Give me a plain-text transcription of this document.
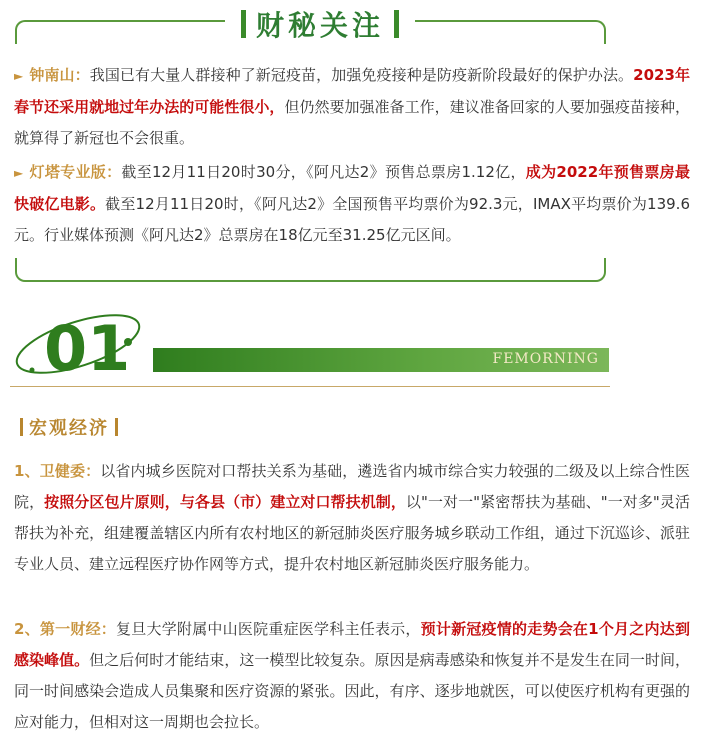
财秘关注

► 钟南山：我国已有大量人群接种了新冠疫苗，加强免疫接种是防疫新阶段最好的保护办法。2023年春节还采用就地过年办法的可能性很小，但仍然要加强准备工作，建议准备回家的人要加强疫苗接种，就算得了新冠也不会很重。

► 灯塔专业版：截至12月11日20时30分，《阿凡达2》预售总票房1.12亿，成为2022年预售票房最快破亿电影。截至12月11日20时，《阿凡达2》全国预售平均票价为92.3元，IMAX平均票价为139.6元。行业媒体预测《阿凡达2》总票房在18亿元至31.25亿元区间。

01	FEMORNING
宏观经济

1、卫健委：以省内城乡医院对口帮扶关系为基础，遴选省内城市综合实力较强的二级及以上综合性医院，按照分区包片原则，与各县（市）建立对口帮扶机制，以"一对一"紧密帮扶为基础、"一对多"灵活帮扶为补充，组建覆盖辖区内所有农村地区的新冠肺炎医疗服务城乡联动工作组，通过下沉巡诊、派驻专业人员、建立远程医疗协作网等方式，提升农村地区新冠肺炎医疗服务能力。

2、第一财经：复旦大学附属中山医院重症医学科主任表示，预计新冠疫情的走势会在1个月之内达到感染峰值。但之后何时才能结束，这一模型比较复杂。原因是病毒感染和恢复并不是发生在同一时间，同一时间感染会造成人员集聚和医疗资源的紧张。因此，有序、逐步地就医，可以使医疗机构有更强的应对能力，但相对这一周期也会拉长。
